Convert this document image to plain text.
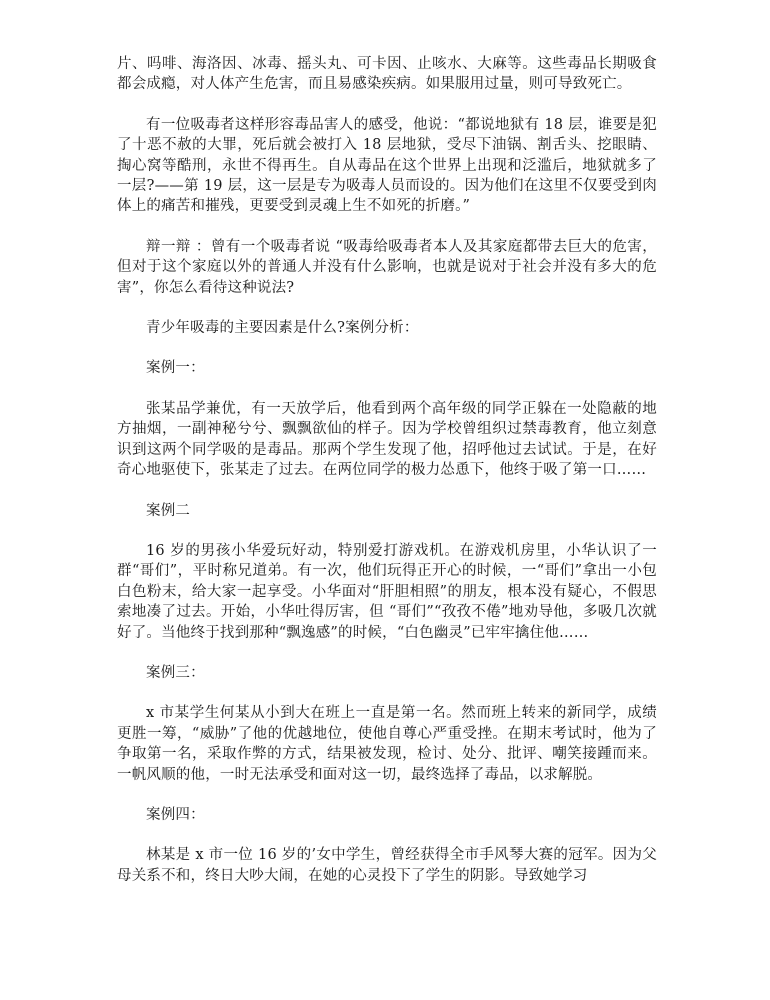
片、吗啡、海洛因、冰毒、摇头丸、可卡因、止咳水、大麻等。这些毒品长期吸食都会成瘾，对人体产生危害，而且易感染疾病。如果服用过量，则可导致死亡。

有一位吸毒者这样形容毒品害人的感受，他说：“都说地狱有 18 层，谁要是犯了十恶不赦的大罪，死后就会被打入 18 层地狱，受尽下油锅、割舌头、挖眼睛、掏心窝等酷刑，永世不得再生。自从毒品在这个世界上出现和泛滥后，地狱就多了一层?——第 19 层，这一层是专为吸毒人员而设的。因为他们在这里不仅要受到肉体上的痛苦和摧残，更要受到灵魂上生不如死的折磨。”

辩一辩 ：曾有一个吸毒者说 “吸毒给吸毒者本人及其家庭都带去巨大的危害，但对于这个家庭以外的普通人并没有什么影响，也就是说对于社会并没有多大的危害”，你怎么看待这种说法?

青少年吸毒的主要因素是什么?案例分析：

案例一：

张某品学兼优，有一天放学后，他看到两个高年级的同学正躲在一处隐蔽的地方抽烟，一副神秘兮兮、飘飘欲仙的样子。因为学校曾组织过禁毒教育，他立刻意识到这两个同学吸的是毒品。那两个学生发现了他，招呼他过去试试。于是，在好奇心地驱使下，张某走了过去。在两位同学的极力怂恿下，他终于吸了第一口……

案例二

16 岁的男孩小华爱玩好动，特别爱打游戏机。在游戏机房里，小华认识了一群“哥们”，平时称兄道弟。有一次，他们玩得正开心的时候，一“哥们”拿出一小包白色粉末，给大家一起享受。小华面对“肝胆相照”的朋友，根本没有疑心，不假思索地凑了过去。开始，小华吐得厉害，但 “哥们”“孜孜不倦”地劝导他，多吸几次就好了。当他终于找到那种“飘逸感”的时候，“白色幽灵”已牢牢擒住他……

案例三：

x 市某学生何某从小到大在班上一直是第一名。然而班上转来的新同学，成绩更胜一筹，“威胁”了他的优越地位，使他自尊心严重受挫。在期末考试时，他为了争取第一名，采取作弊的方式，结果被发现，检讨、处分、批评、嘲笑接踵而来。一帆风顺的他，一时无法承受和面对这一切，最终选择了毒品，以求解脱。

案例四：

林某是 x 市一位 16 岁的’女中学生，曾经获得全市手风琴大赛的冠军。因为父母关系不和，终日大吵大闹，在她的心灵投下了学生的阴影。导致她学习
